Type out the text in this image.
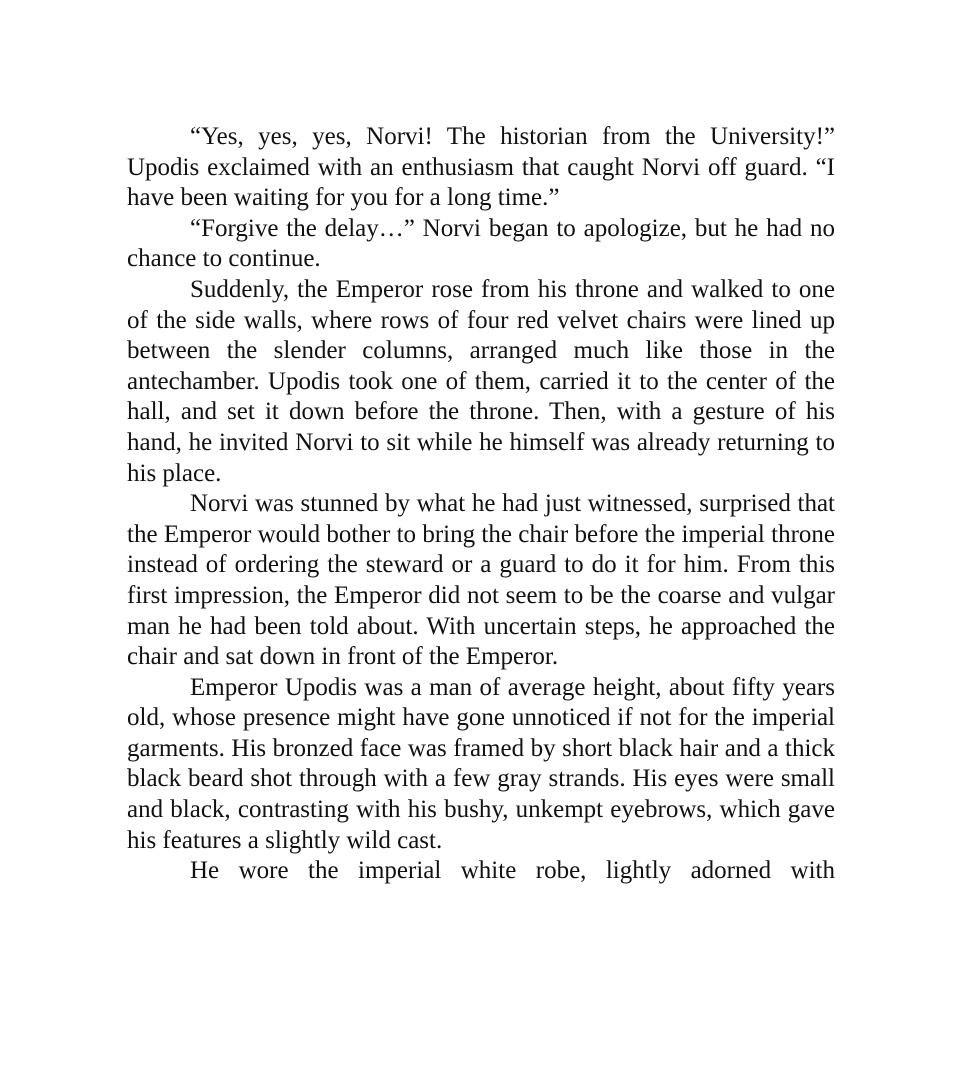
“Yes, yes, yes, Norvi! The historian from the University!” Upodis exclaimed with an enthusiasm that caught Norvi off guard. “I have been waiting for you for a long time.”

“Forgive the delay…” Norvi began to apologize, but he had no chance to continue.

Suddenly, the Emperor rose from his throne and walked to one of the side walls, where rows of four red velvet chairs were lined up between the slender columns, arranged much like those in the antechamber. Upodis took one of them, carried it to the center of the hall, and set it down before the throne. Then, with a gesture of his hand, he invited Norvi to sit while he himself was already returning to his place.

Norvi was stunned by what he had just witnessed, surprised that the Emperor would bother to bring the chair before the imperial throne instead of ordering the steward or a guard to do it for him. From this first impression, the Emperor did not seem to be the coarse and vulgar man he had been told about. With uncertain steps, he approached the chair and sat down in front of the Emperor.

Emperor Upodis was a man of average height, about fifty years old, whose presence might have gone unnoticed if not for the imperial garments. His bronzed face was framed by short black hair and a thick black beard shot through with a few gray strands. His eyes were small and black, contrasting with his bushy, unkempt eyebrows, which gave his features a slightly wild cast.

He wore the imperial white robe, lightly adorned with
